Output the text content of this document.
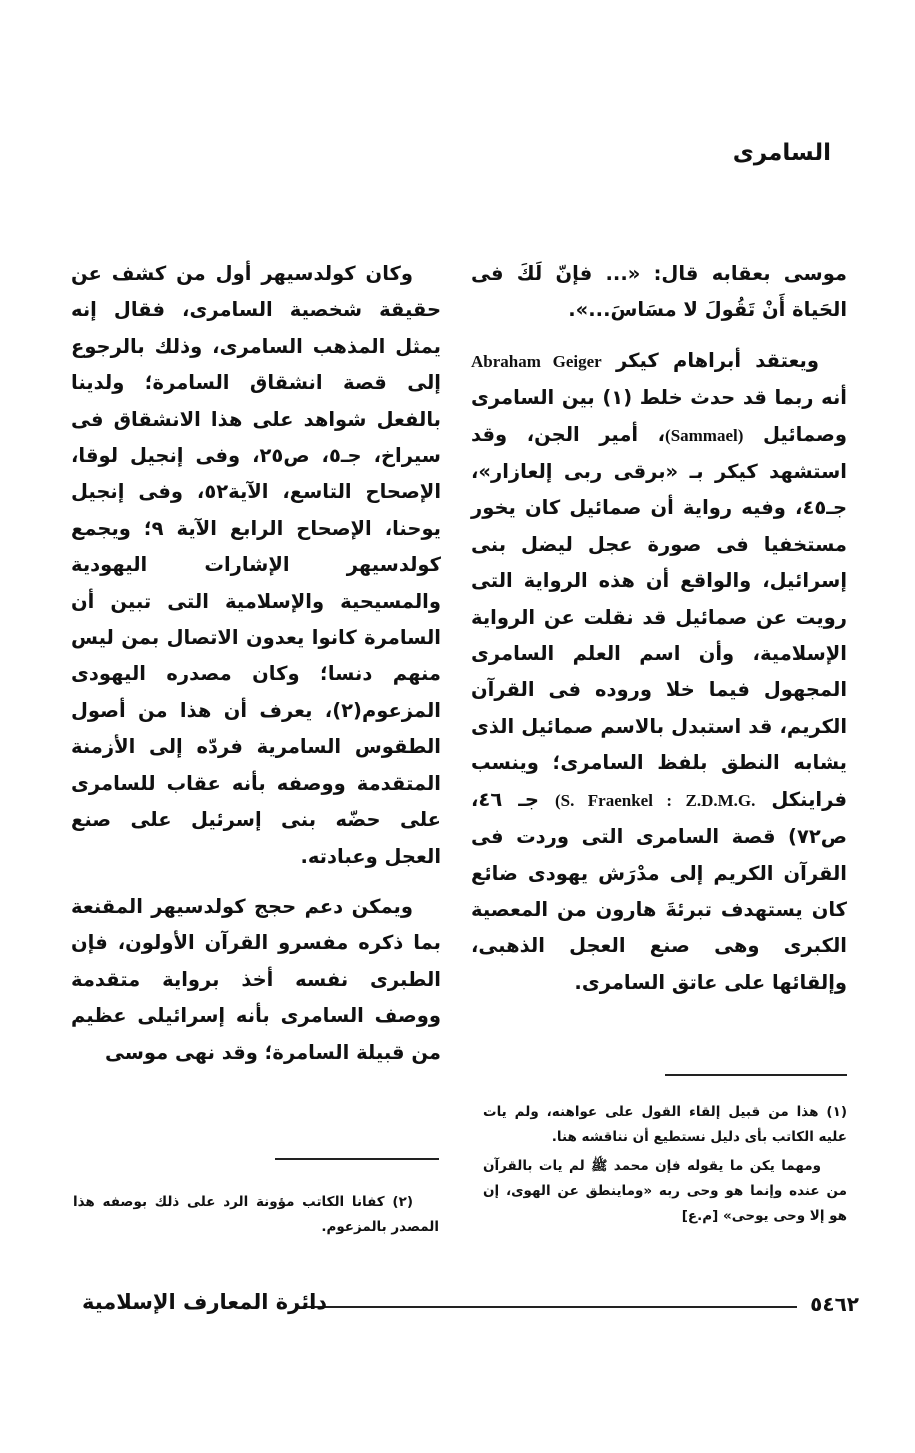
السامرى

موسى بعقابه قال: «... فإنّ لَكَ فى الحَياة أَنْ تَقُولَ لا مسَاسَ...».

ويعتقد أبراهام كيكر Abraham Geiger أنه ربما قد حدث خلط (١) بين السامرى وصمائيل (Sammael)، أمير الجن، وقد استشهد كيكر بـ «برقى ربى إلعازار»، جـ٤٥، وفيه رواية أن صمائيل كان يخور مستخفيا فى صورة عجل ليضل بنى إسرائيل، والواقع أن هذه الرواية التى رويت عن صمائيل قد نقلت عن الرواية الإسلامية، وأن اسم العلم السامرى المجهول فيما خلا وروده فى القرآن الكريم، قد استبدل بالاسم صمائيل الذى يشابه النطق بلفظ السامرى؛ وينسب فراينكل (S. Fraenkel : Z.D.M.G. جـ ٤٦، ص٧٢) قصة السامرى التى وردت فى القرآن الكريم إلى مدْرَش يهودى ضائع كان يستهدف تبرئةَ هارون من المعصية الكبرى وهى صنع العجل الذهبى، وإلقائها على عاتق السامرى.

وكان كولدسيهر أول من كشف عن حقيقة شخصية السامرى، فقال إنه يمثل المذهب السامرى، وذلك بالرجوع إلى قصة انشقاق السامرة؛ ولدينا بالفعل شواهد على هذا الانشقاق فى سيراخ، جـ٥، ص٢٥، وفى إنجيل لوقا، الإصحاح التاسع، الآية٥٢، وفى إنجيل يوحنا، الإصحاح الرابع الآية ٩؛ ويجمع كولدسيهر الإشارات اليهودية والمسيحية والإسلامية التى تبين أن السامرة كانوا يعدون الاتصال بمن ليس منهم دنسا؛ وكان مصدره اليهودى المزعوم(٢)، يعرف أن هذا من أصول الطقوس السامرية فردّه إلى الأزمنة المتقدمة ووصفه بأنه عقاب للسامرى على حضّه بنى إسرئيل على صنع العجل وعبادته.

ويمكن دعم حجج كولدسيهر المقنعة بما ذكره مفسرو القرآن الأولون، فإن الطبرى نفسه أخذ برواية متقدمة ووصف السامرى بأنه إسرائيلى عظيم من قبيلة السامرة؛ وقد نهى موسى

(١) هذا من قبيل إلقاء القول على عواهنه، ولم يات عليه الكاتب بأى دليل نستطيع أن نناقشه هنا.

ومهما يكن ما يقوله فإن محمد ﷺ لم يات بالقرآن من عنده وإنما هو وحى ربه «وماينطق عن الهوى، إن هو إلا وحى يوحى» [م.ع]

(٢) كفانا الكاتب مؤونة الرد على ذلك بوصفه هذا المصدر بالمزعوم.

٥٤٦٢
دائرة المعارف الإسلامية
